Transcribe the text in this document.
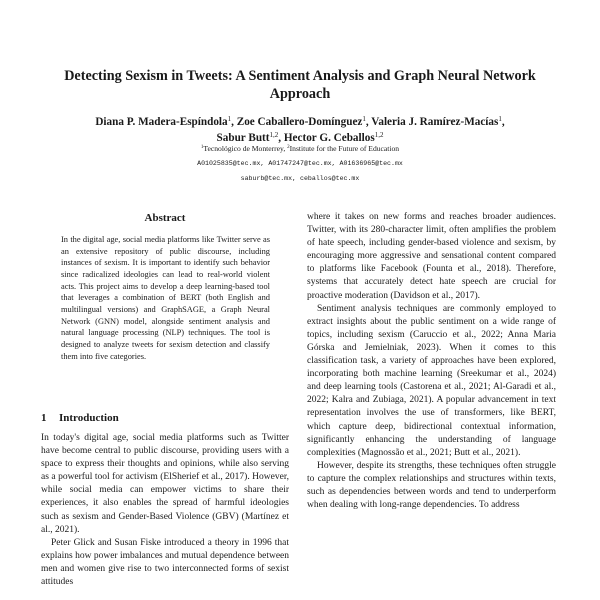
Detecting Sexism in Tweets: A Sentiment Analysis and Graph Neural Network Approach
Diana P. Madera-Espíndola$^1$, Zoe Caballero-Domínguez$^1$, Valeria J. Ramírez-Macías$^1$,
Sabur Butt$^{1,2}$, Hector G. Ceballos$^{1,2}$
$^1$Tecnológico de Monterrey, $^2$Institute for the Future of Education
A01025835@tec.mx, A01747247@tec.mx, A01636965@tec.mx
saburb@tec.mx, ceballos@tec.mx
Abstract
In the digital age, social media platforms like Twitter serve as an extensive repository of public discourse, including instances of sexism. It is important to identify such behavior since radicalized ideologies can lead to real-world violent acts. This project aims to develop a deep learning-based tool that leverages a combination of BERT (both English and multilingual versions) and GraphSAGE, a Graph Neural Network (GNN) model, alongside sentiment analysis and natural language processing (NLP) techniques. The tool is designed to analyze tweets for sexism detection and classify them into five categories.
1 Introduction

In today's digital age, social media platforms such as Twitter have become central to public discourse, providing users with a space to express their thoughts and opinions, while also serving as a powerful tool for activism (ElSherief et al., 2017). However, while social media can empower victims to share their experiences, it also enables the spread of harmful ideologies such as sexism and Gender-Based Violence (GBV) (Martínez et al., 2021).

Peter Glick and Susan Fiske introduced a theory in 1996 that explains how power imbalances and mutual dependence between men and women give rise to two interconnected forms of sexist attitudes

where it takes on new forms and reaches broader audiences. Twitter, with its 280-character limit, often amplifies the problem of hate speech, including gender-based violence and sexism, by encouraging more aggressive and sensational content compared to platforms like Facebook (Founta et al., 2018). Therefore, systems that accurately detect hate speech are crucial for proactive moderation (Davidson et al., 2017).

Sentiment analysis techniques are commonly employed to extract insights about the public sentiment on a wide range of topics, including sexism (Caruccio et al., 2022; Anna Maria Górska and Jemielniak, 2023). When it comes to this classification task, a variety of approaches have been explored, incorporating both machine learning (Sreekumar et al., 2024) and deep learning tools (Castorena et al., 2021; Al-Garadi et al., 2022; Kalra and Zubiaga, 2021). A popular advancement in text representation involves the use of transformers, like BERT, which capture deep, bidirectional contextual information, significantly enhancing the understanding of language complexities (Magnossão et al., 2021; Butt et al., 2021).

However, despite its strengths, these techniques often struggle to capture the complex relationships and structures within texts, such as dependencies between words and tend to underperform when dealing with long-range dependencies. To address
